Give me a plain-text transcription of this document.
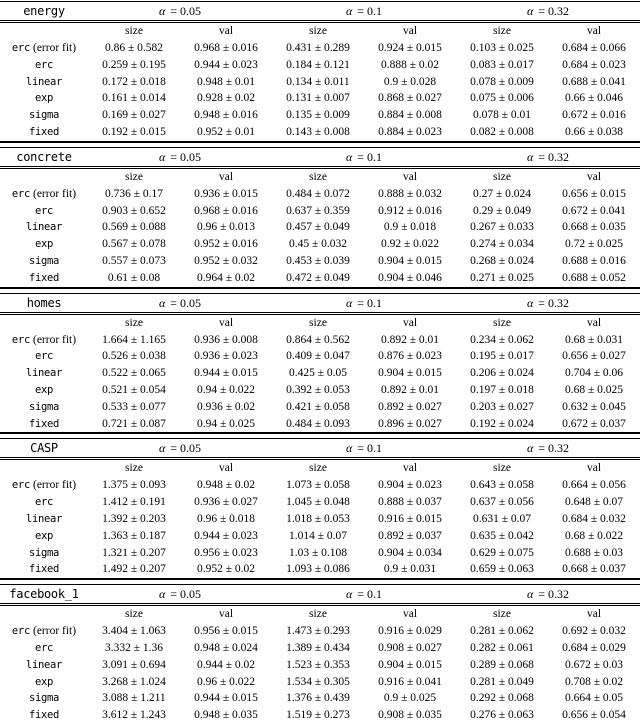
energy	α = 0.05		α = 0.1		α = 0.32	
	size	val	size	val	size	val
erc (error fit)	0.86 ± 0.582	0.968 ± 0.016	0.431 ± 0.289	0.924 ± 0.015	0.103 ± 0.025	0.684 ± 0.066
erc	0.259 ± 0.195	0.944 ± 0.023	0.184 ± 0.121	0.888 ± 0.02	0.083 ± 0.017	0.684 ± 0.023
linear	0.172 ± 0.018	0.948 ± 0.01	0.134 ± 0.011	0.9 ± 0.028	0.078 ± 0.009	0.688 ± 0.041
exp	0.161 ± 0.014	0.928 ± 0.02	0.131 ± 0.007	0.868 ± 0.027	0.075 ± 0.006	0.66 ± 0.046
sigma	0.169 ± 0.027	0.948 ± 0.016	0.135 ± 0.009	0.884 ± 0.008	0.078 ± 0.01	0.672 ± 0.016
fixed	0.192 ± 0.015	0.952 ± 0.01	0.143 ± 0.008	0.884 ± 0.023	0.082 ± 0.008	0.66 ± 0.038
concrete	α = 0.05		α = 0.1		α = 0.32	
	size	val	size	val	size	val
erc (error fit)	0.736 ± 0.17	0.936 ± 0.015	0.484 ± 0.072	0.888 ± 0.032	0.27 ± 0.024	0.656 ± 0.015
erc	0.903 ± 0.652	0.968 ± 0.016	0.637 ± 0.359	0.912 ± 0.016	0.29 ± 0.049	0.672 ± 0.041
linear	0.569 ± 0.088	0.96 ± 0.013	0.457 ± 0.049	0.9 ± 0.018	0.267 ± 0.033	0.668 ± 0.035
exp	0.567 ± 0.078	0.952 ± 0.016	0.45 ± 0.032	0.92 ± 0.022	0.274 ± 0.034	0.72 ± 0.025
sigma	0.557 ± 0.073	0.952 ± 0.032	0.453 ± 0.039	0.904 ± 0.015	0.268 ± 0.024	0.688 ± 0.016
fixed	0.61 ± 0.08	0.964 ± 0.02	0.472 ± 0.049	0.904 ± 0.046	0.271 ± 0.025	0.688 ± 0.052
homes	α = 0.05		α = 0.1		α = 0.32	
	size	val	size	val	size	val
erc (error fit)	1.664 ± 1.165	0.936 ± 0.008	0.864 ± 0.562	0.892 ± 0.01	0.234 ± 0.062	0.68 ± 0.031
erc	0.526 ± 0.038	0.936 ± 0.023	0.409 ± 0.047	0.876 ± 0.023	0.195 ± 0.017	0.656 ± 0.027
linear	0.522 ± 0.065	0.944 ± 0.015	0.425 ± 0.05	0.904 ± 0.015	0.206 ± 0.024	0.704 ± 0.06
exp	0.521 ± 0.054	0.94 ± 0.022	0.392 ± 0.053	0.892 ± 0.01	0.197 ± 0.018	0.68 ± 0.025
sigma	0.533 ± 0.077	0.936 ± 0.02	0.421 ± 0.058	0.892 ± 0.027	0.203 ± 0.027	0.632 ± 0.045
fixed	0.721 ± 0.087	0.94 ± 0.025	0.484 ± 0.093	0.896 ± 0.027	0.192 ± 0.024	0.672 ± 0.037
CASP	α = 0.05		α = 0.1		α = 0.32	
	size	val	size	val	size	val
erc (error fit)	1.375 ± 0.093	0.948 ± 0.02	1.073 ± 0.058	0.904 ± 0.023	0.643 ± 0.058	0.664 ± 0.056
erc	1.412 ± 0.191	0.936 ± 0.027	1.045 ± 0.048	0.888 ± 0.037	0.637 ± 0.056	0.648 ± 0.07
linear	1.392 ± 0.203	0.96 ± 0.018	1.018 ± 0.053	0.916 ± 0.015	0.631 ± 0.07	0.684 ± 0.032
exp	1.363 ± 0.187	0.944 ± 0.023	1.014 ± 0.07	0.892 ± 0.037	0.635 ± 0.042	0.68 ± 0.022
sigma	1.321 ± 0.207	0.956 ± 0.023	1.03 ± 0.108	0.904 ± 0.034	0.629 ± 0.075	0.688 ± 0.03
fixed	1.492 ± 0.207	0.952 ± 0.02	1.093 ± 0.086	0.9 ± 0.031	0.659 ± 0.063	0.668 ± 0.037
facebook_1	α = 0.05		α = 0.1		α = 0.32	
	size	val	size	val	size	val
erc (error fit)	3.404 ± 1.063	0.956 ± 0.015	1.473 ± 0.293	0.916 ± 0.029	0.281 ± 0.062	0.692 ± 0.032
erc	3.332 ± 1.36	0.948 ± 0.024	1.389 ± 0.434	0.908 ± 0.027	0.282 ± 0.061	0.684 ± 0.029
linear	3.091 ± 0.694	0.944 ± 0.02	1.523 ± 0.353	0.904 ± 0.015	0.289 ± 0.068	0.672 ± 0.03
exp	3.268 ± 1.024	0.96 ± 0.022	1.534 ± 0.305	0.916 ± 0.041	0.281 ± 0.049	0.708 ± 0.02
sigma	3.088 ± 1.211	0.944 ± 0.015	1.376 ± 0.439	0.9 ± 0.025	0.292 ± 0.068	0.664 ± 0.05
fixed	3.612 ± 1.243	0.948 ± 0.035	1.519 ± 0.273	0.908 ± 0.035	0.276 ± 0.063	0.656 ± 0.054
